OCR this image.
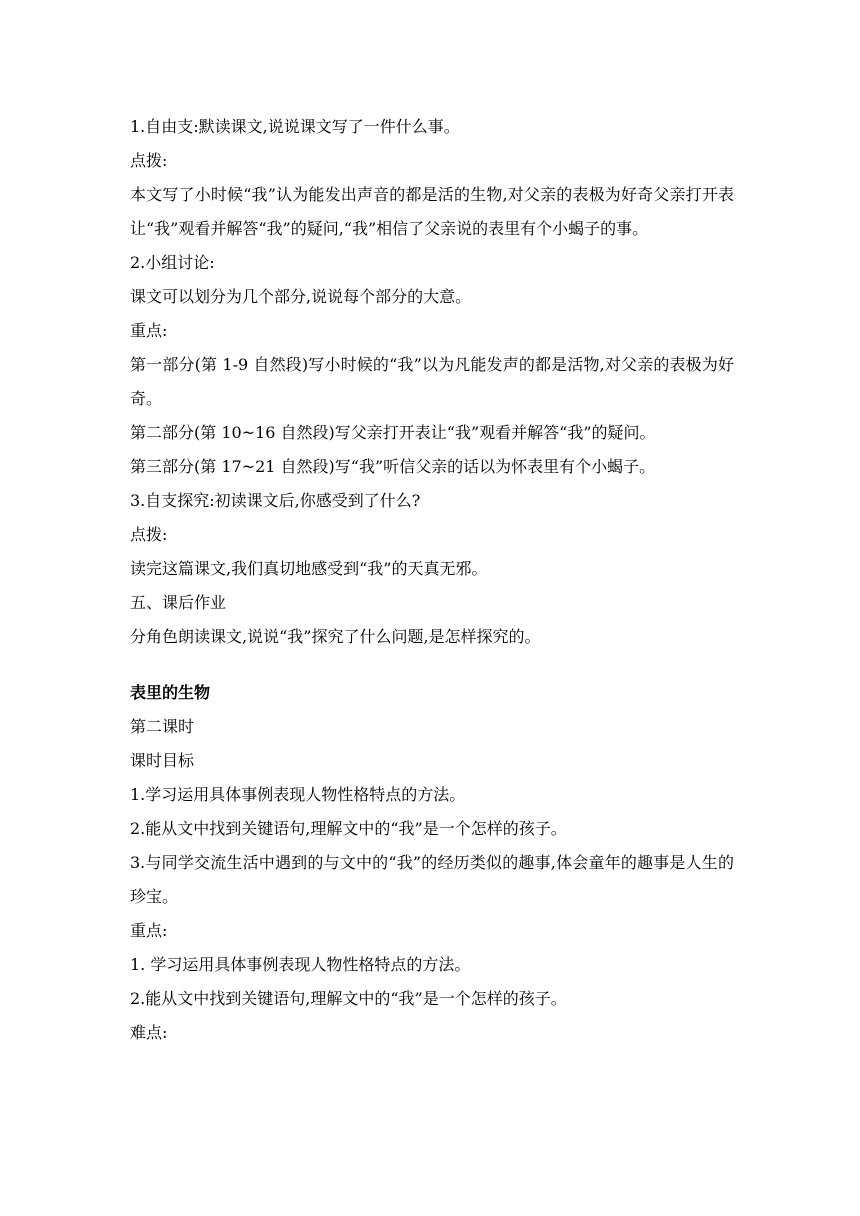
1.自由支:默读课文,说说课文写了一件什么事。
点拨:
本文写了小时候“我”认为能发出声音的都是活的生物,对父亲的表极为好奇父亲打开表让“我”观看并解答“我”的疑问,“我”相信了父亲说的表里有个小蝎子的事。
2.小组讨论:
课文可以划分为几个部分,说说每个部分的大意。
重点:
第一部分(第 1-9 自然段)写小时候的“我”以为凡能发声的都是活物,对父亲的表极为好奇。
第二部分(第 10~16 自然段)写父亲打开表让“我”观看并解答“我”的疑问。
第三部分(第 17~21 自然段)写“我”听信父亲的话以为怀表里有个小蝎子。
3.自支探究:初读课文后,你感受到了什么?
点拨:
读完这篇课文,我们真切地感受到“我”的天真无邪。
五、课后作业
分角色朗读课文,说说“我”探究了什么问题,是怎样探究的。
表里的生物
第二课时
课时目标
1.学习运用具体事例表现人物性格特点的方法。
2.能从文中找到关键语句,理解文中的“我”是一个怎样的孩子。
3.与同学交流生活中遇到的与文中的“我”的经历类似的趣事,体会童年的趣事是人生的珍宝。
重点:
1. 学习运用具体事例表现人物性格特点的方法。
2.能从文中找到关键语句,理解文中的“我”是一个怎样的孩子。
难点:
